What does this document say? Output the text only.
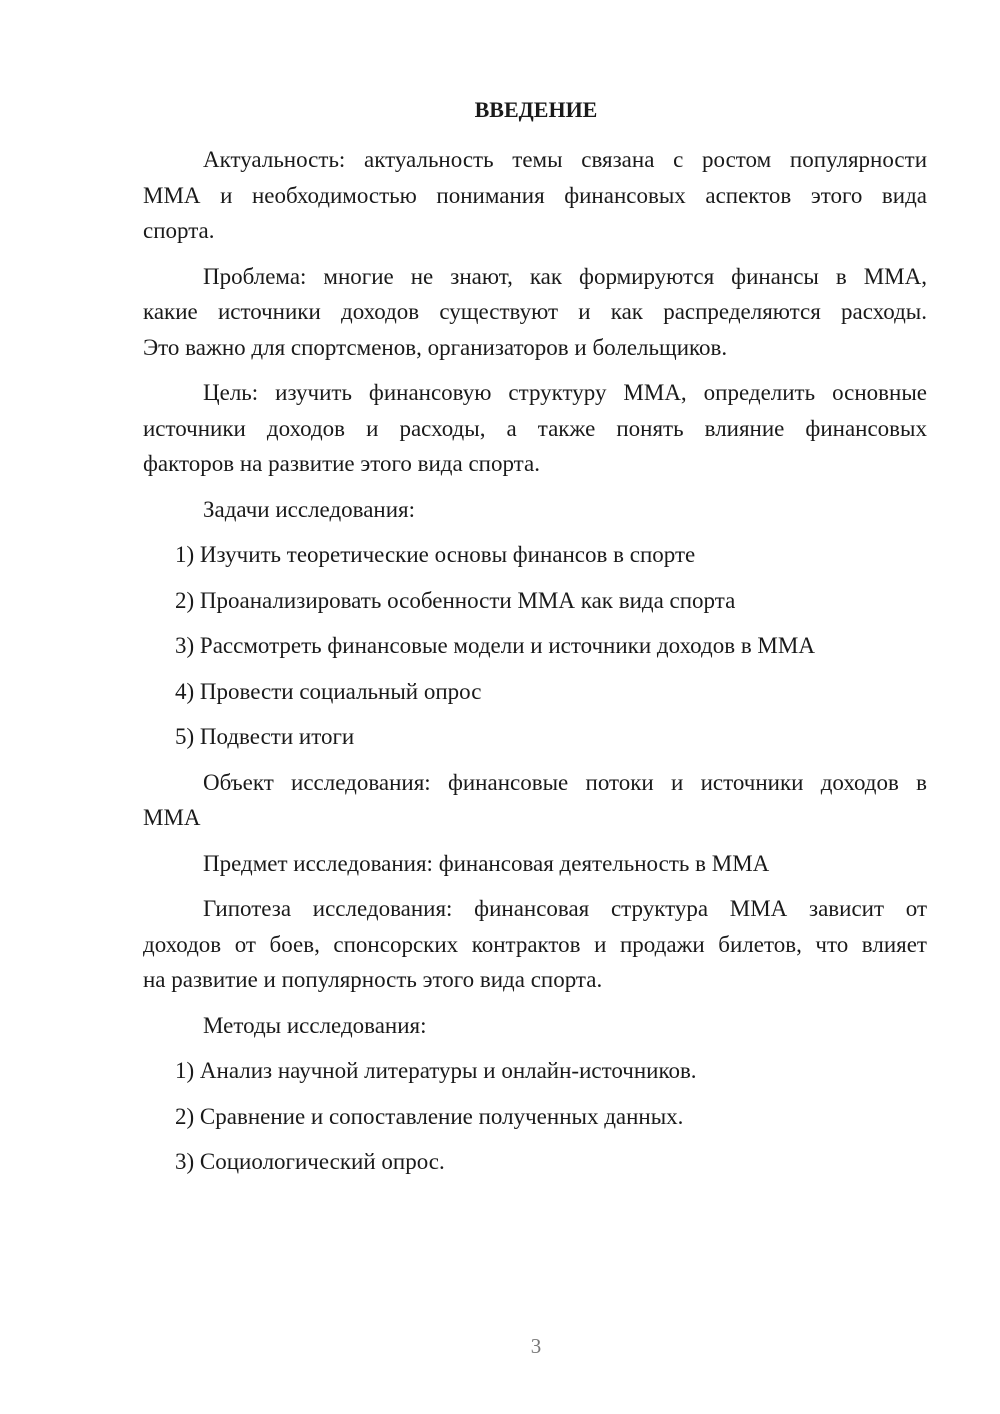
ВВЕДЕНИЕ
Актуальность: актуальность темы связана с ростом популярности
ММА и необходимостью понимания финансовых аспектов этого вида
спорта.
Проблема: многие не знают, как формируются финансы в ММА,
какие источники доходов существуют и как распределяются расходы.
Это важно для спортсменов, организаторов и болельщиков.
Цель: изучить финансовую структуру ММА, определить основные
источники доходов и расходы, а также понять влияние финансовых
факторов на развитие этого вида спорта.
Задачи исследования:
1) Изучить теоретические основы финансов в спорте
2) Проанализировать особенности ММА как вида спорта
3) Рассмотреть финансовые модели и источники доходов в ММА
4) Провести социальный опрос
5) Подвести итоги
Объект исследования: финансовые потоки и источники доходов в
ММА
Предмет исследования: финансовая деятельность в ММА
Гипотеза исследования: финансовая структура ММА зависит от
доходов от боев, спонсорских контрактов и продажи билетов, что влияет
на развитие и популярность этого вида спорта.
Методы исследования:
1) Анализ научной литературы и онлайн-источников.
2) Сравнение и сопоставление полученных данных.
3) Социологический опрос.
3
